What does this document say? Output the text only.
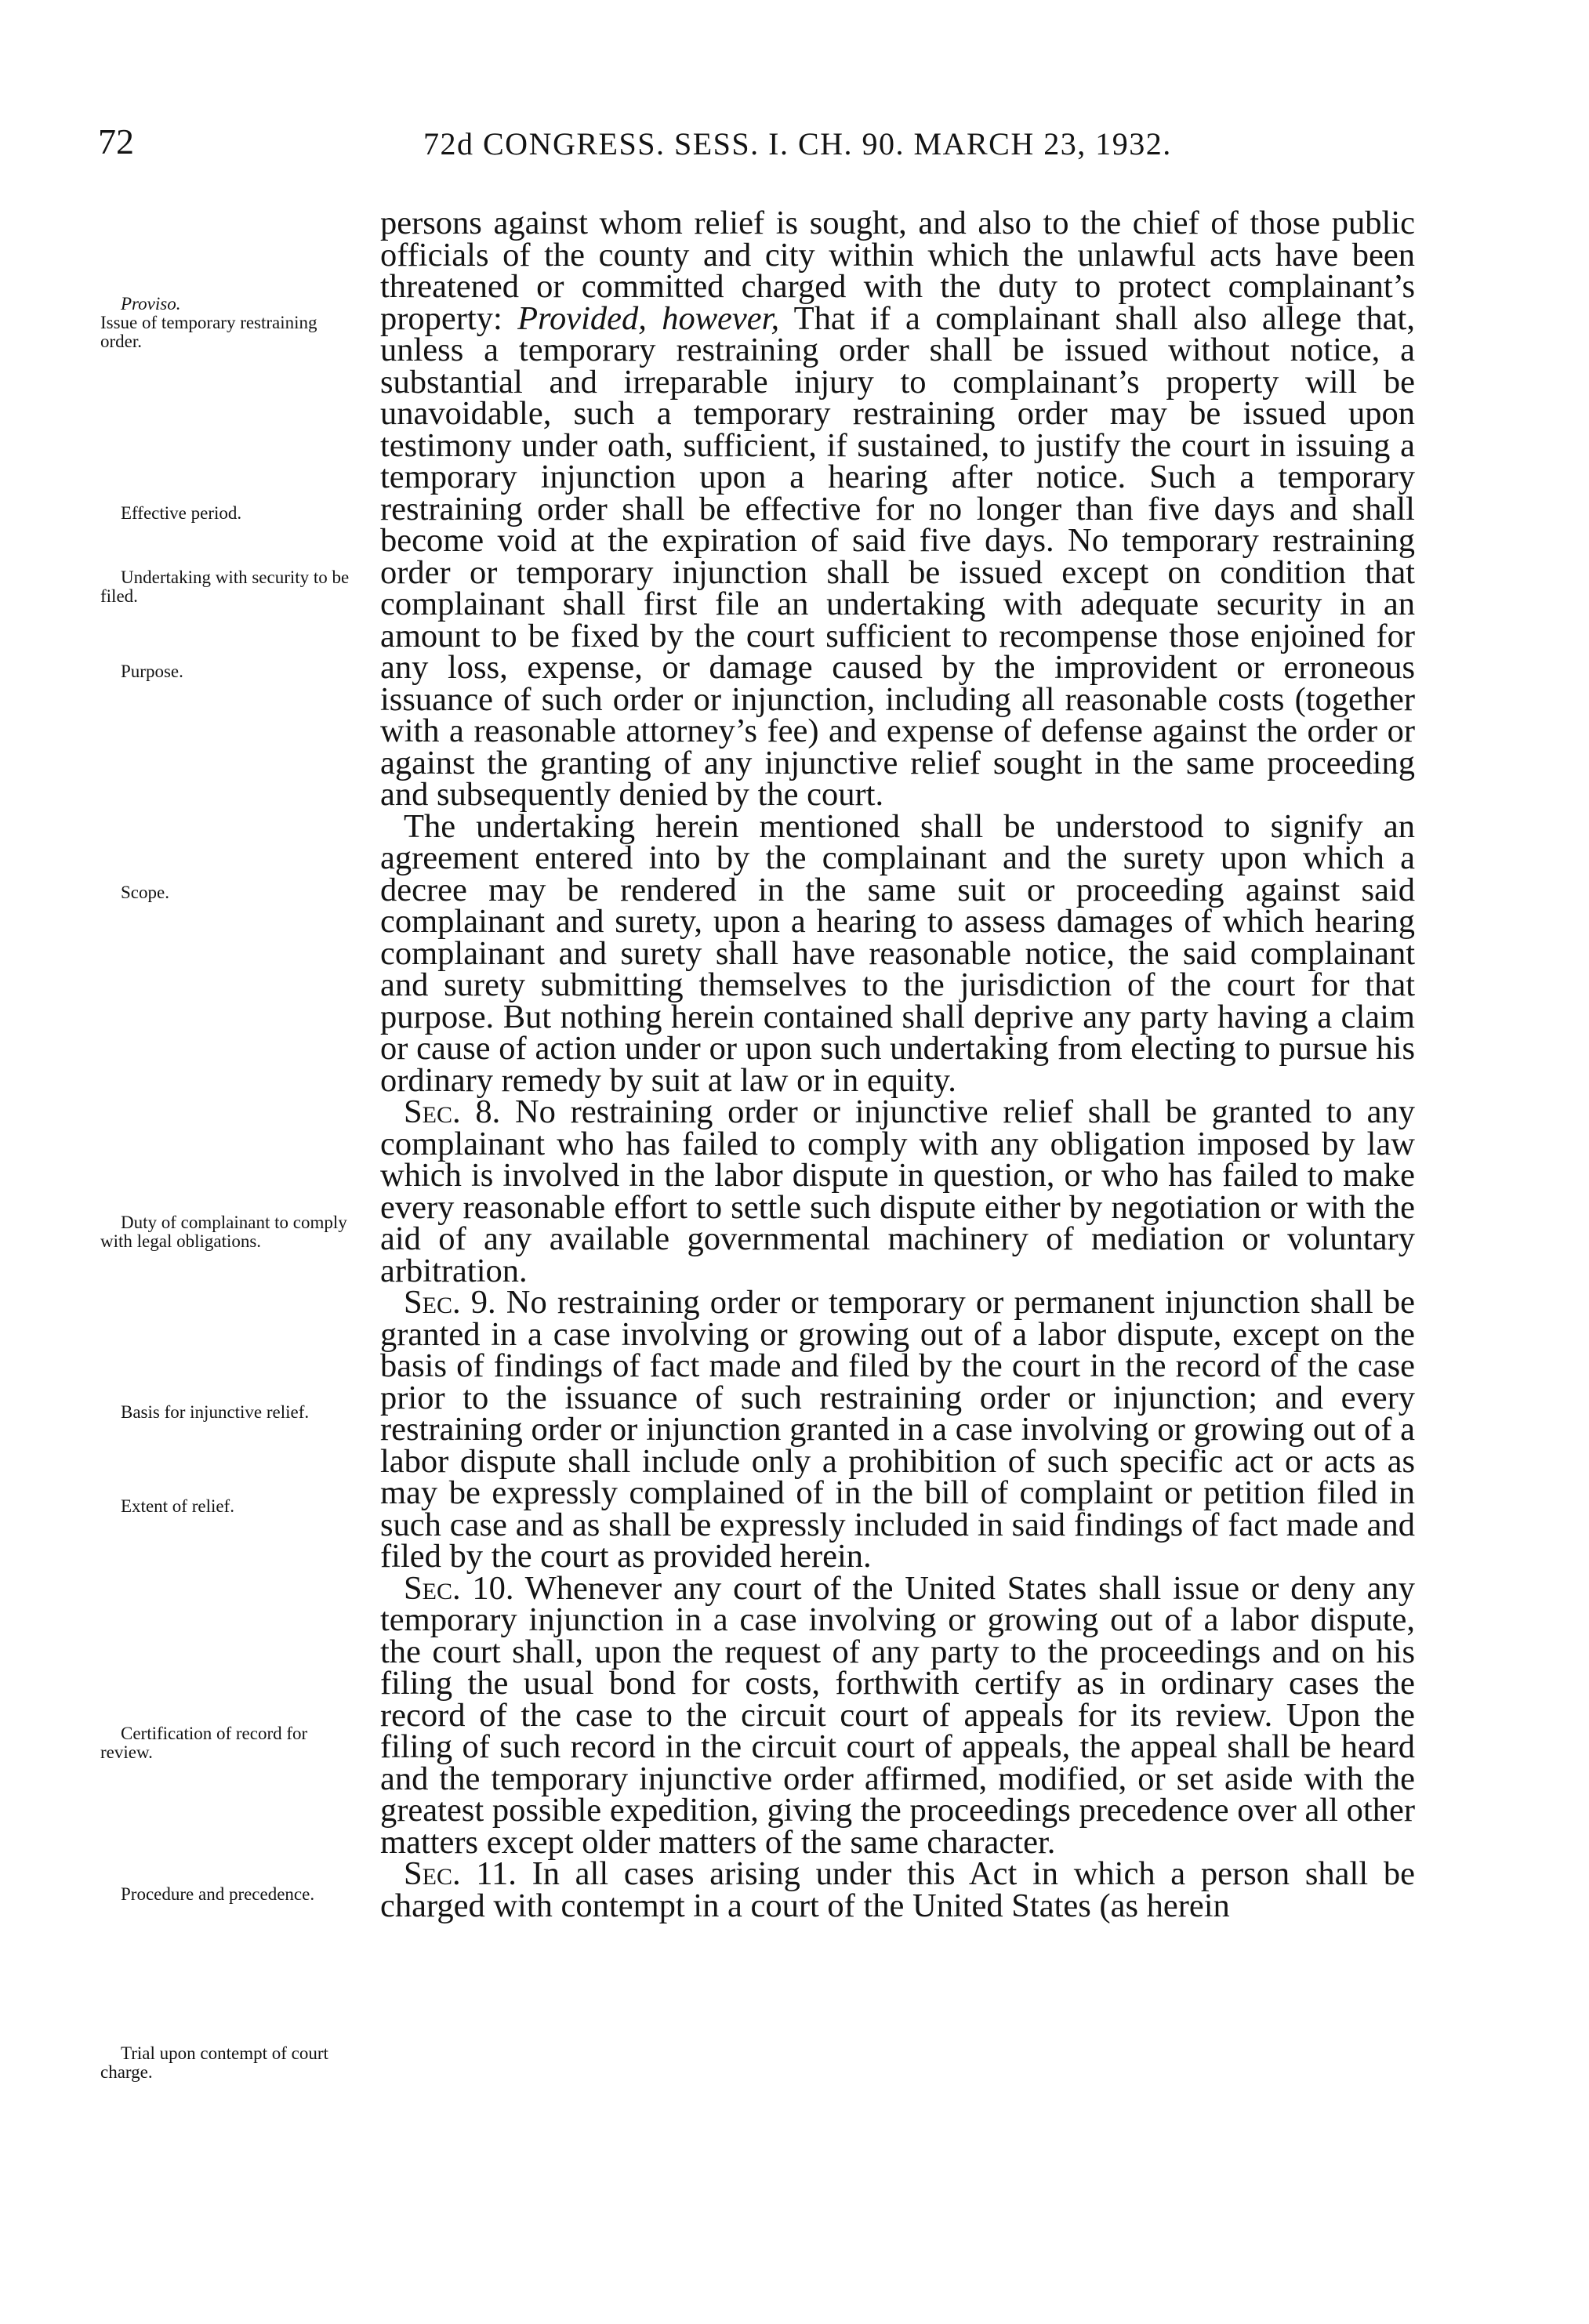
72	72d CONGRESS. SESS. I. CH. 90. MARCH 23, 1932.
Proviso.
Issue of temporary restraining order.
Effective period.
Undertaking with security to be filed.
Purpose.
Scope.
Duty of complainant to comply with legal obligations.
Basis for injunctive relief.
Extent of relief.
Certification of record for review.
Procedure and precedence.
Trial upon contempt of court charge.

persons against whom relief is sought, and also to the chief of those public officials of the county and city within which the unlawful acts have been threatened or committed charged with the duty to protect complainant’s property: Provided, however, That if a complainant shall also allege that, unless a temporary restraining order shall be issued without notice, a substantial and irreparable injury to complainant’s property will be unavoidable, such a temporary restraining order may be issued upon testimony under oath, sufficient, if sustained, to justify the court in issuing a temporary injunction upon a hearing after notice. Such a temporary restraining order shall be effective for no longer than five days and shall become void at the expiration of said five days. No temporary restraining order or temporary injunction shall be issued except on condition that complainant shall first file an undertaking with adequate security in an amount to be fixed by the court sufficient to recompense those enjoined for any loss, expense, or damage caused by the improvident or erroneous issuance of such order or injunction, including all reasonable costs (together with a reasonable attorney’s fee) and expense of defense against the order or against the granting of any injunctive relief sought in the same proceeding and subsequently denied by the court.

The undertaking herein mentioned shall be understood to signify an agreement entered into by the complainant and the surety upon which a decree may be rendered in the same suit or proceeding against said complainant and surety, upon a hearing to assess damages of which hearing complainant and surety shall have reasonable notice, the said complainant and surety submitting themselves to the jurisdiction of the court for that purpose. But nothing herein contained shall deprive any party having a claim or cause of action under or upon such undertaking from electing to pursue his ordinary remedy by suit at law or in equity.

Sec. 8. No restraining order or injunctive relief shall be granted to any complainant who has failed to comply with any obligation imposed by law which is involved in the labor dispute in question, or who has failed to make every reasonable effort to settle such dispute either by negotiation or with the aid of any available governmental machinery of mediation or voluntary arbitration.

Sec. 9. No restraining order or temporary or permanent injunction shall be granted in a case involving or growing out of a labor dispute, except on the basis of findings of fact made and filed by the court in the record of the case prior to the issuance of such restraining order or injunction; and every restraining order or injunction granted in a case involving or growing out of a labor dispute shall include only a prohibition of such specific act or acts as may be expressly complained of in the bill of complaint or petition filed in such case and as shall be expressly included in said findings of fact made and filed by the court as provided herein.

Sec. 10. Whenever any court of the United States shall issue or deny any temporary injunction in a case involving or growing out of a labor dispute, the court shall, upon the request of any party to the proceedings and on his filing the usual bond for costs, forthwith certify as in ordinary cases the record of the case to the circuit court of appeals for its review. Upon the filing of such record in the circuit court of appeals, the appeal shall be heard and the temporary injunctive order affirmed, modified, or set aside with the greatest possible expedition, giving the proceedings precedence over all other matters except older matters of the same character.

Sec. 11. In all cases arising under this Act in which a person shall be charged with contempt in a court of the United States (as herein
